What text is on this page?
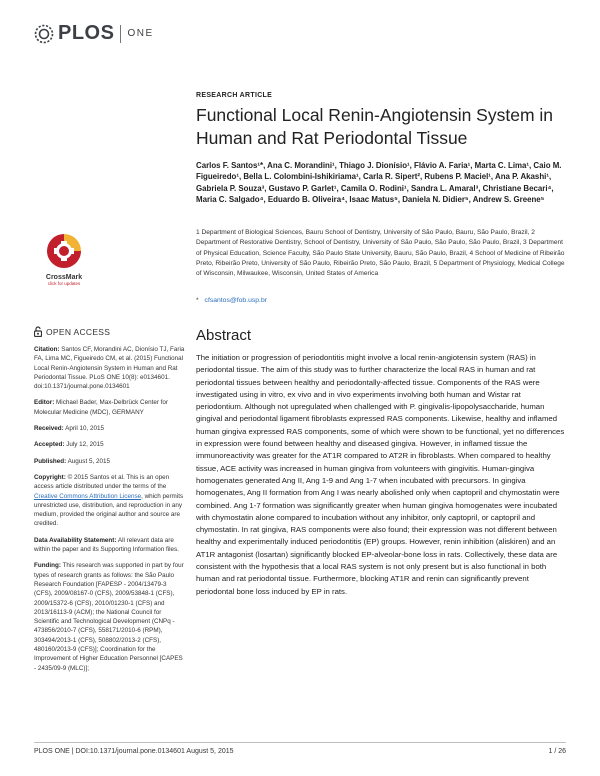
PLOS ONE
CrossMark
click for updates
OPEN ACCESS

Citation: Santos CF, Morandini AC, Dionísio TJ, Faria FA, Lima MC, Figueiredo CM, et al. (2015) Functional Local Renin-Angiotensin System in Human and Rat Periodontal Tissue. PLoS ONE 10(8): e0134601. doi:10.1371/journal.pone.0134601

Editor: Michael Bader, Max-Delbrück Center for Molecular Medicine (MDC), GERMANY

Received: April 10, 2015

Accepted: July 12, 2015

Published: August 5, 2015

Copyright: © 2015 Santos et al. This is an open access article distributed under the terms of the Creative Commons Attribution License, which permits unrestricted use, distribution, and reproduction in any medium, provided the original author and source are credited.

Data Availability Statement: All relevant data are within the paper and its Supporting Information files.

Funding: This research was supported in part by four types of research grants as follows: the São Paulo Research Foundation [FAPESP - 2004/13479-3 (CFS), 2009/08167-0 (CFS), 2009/53848-1 (CFS), 2009/15372-6 (CFS), 2010/01230-1 (CFS) and 2013/16113-9 (ACM); the National Council for Scientific and Technological Development (CNPq - 473856/2010-7 (CFS), 558171/2010-6 (RPM), 303494/2013-1 (CFS), 508802/2013-2 (CFS), 480160/2013-9 (CFS)]; Coordination for the Improvement of Higher Education Personnel [CAPES - 2435/09-9 (MLC)];

RESEARCH ARTICLE
Functional Local Renin-Angiotensin System in Human and Rat Periodontal Tissue

Carlos F. Santos¹*, Ana C. Morandini¹, Thiago J. Dionísio¹, Flávio A. Faria¹, Marta C. Lima¹, Caio M. Figueiredo¹, Bella L. Colombini-Ishikiriama¹, Carla R. Sipert², Rubens P. Maciel¹, Ana P. Akashi¹, Gabriela P. Souza³, Gustavo P. Garlet¹, Camila O. Rodini¹, Sandra L. Amaral³, Christiane Becari⁴, Maria C. Salgado⁴, Eduardo B. Oliveira⁴, Isaac Matus⁵, Daniela N. Didier⁵, Andrew S. Greene⁵

1 Department of Biological Sciences, Bauru School of Dentistry, University of São Paulo, Bauru, São Paulo, Brazil, 2 Department of Restorative Dentistry, School of Dentistry, University of São Paulo, São Paulo, São Paulo, Brazil, 3 Department of Physical Education, Science Faculty, São Paulo State University, Bauru, São Paulo, Brazil, 4 School of Medicine of Ribeirão Preto, Ribeirão Preto, University of São Paulo, Ribeirão Preto, São Paulo, Brazil, 5 Department of Physiology, Medical College of Wisconsin, Milwaukee, Wisconsin, United States of America

* cfsantos@fob.usp.br
Abstract

The initiation or progression of periodontitis might involve a local renin-angiotensin system (RAS) in periodontal tissue. The aim of this study was to further characterize the local RAS in human and rat periodontal tissues between healthy and periodontally-affected tissue. Components of the RAS were investigated using in vitro, ex vivo and in vivo experiments involving both human and Wistar rat periodontium. Although not upregulated when challenged with P. gingivalis-lipopolysaccharide, human gingival and periodontal ligament fibroblasts expressed RAS components. Likewise, healthy and inflamed human gingiva expressed RAS components, some of which were shown to be functional, yet no differences in expression were found between healthy and diseased gingiva. However, in inflamed tissue the immunoreactivity was greater for the AT1R compared to AT2R in fibroblasts. When compared to healthy tissue, ACE activity was increased in human gingiva from volunteers with gingivitis. Human-gingiva homogenates generated Ang II, Ang 1-9 and Ang 1-7 when incubated with precursors. In gingiva homogenates, Ang II formation from Ang I was nearly abolished only when captopril and chymostatin were combined. Ang 1-7 formation was significantly greater when human gingiva homogenates were incubated with chymostatin alone compared to incubation without any inhibitor, only captopril, or captopril and chymostatin. In rat gingiva, RAS components were also found; their expression was not different between healthy and experimentally induced periodontitis (EP) groups. However, renin inhibition (aliskiren) and an AT1R antagonist (losartan) significantly blocked EP-alveolar-bone loss in rats. Collectively, these data are consistent with the hypothesis that a local RAS system is not only present but is also functional in both human and rat periodontal tissue. Furthermore, blocking AT1R and renin can significantly prevent periodontal bone loss induced by EP in rats.

PLOS ONE | DOI:10.1371/journal.pone.0134601 August 5, 2015	1 / 26
